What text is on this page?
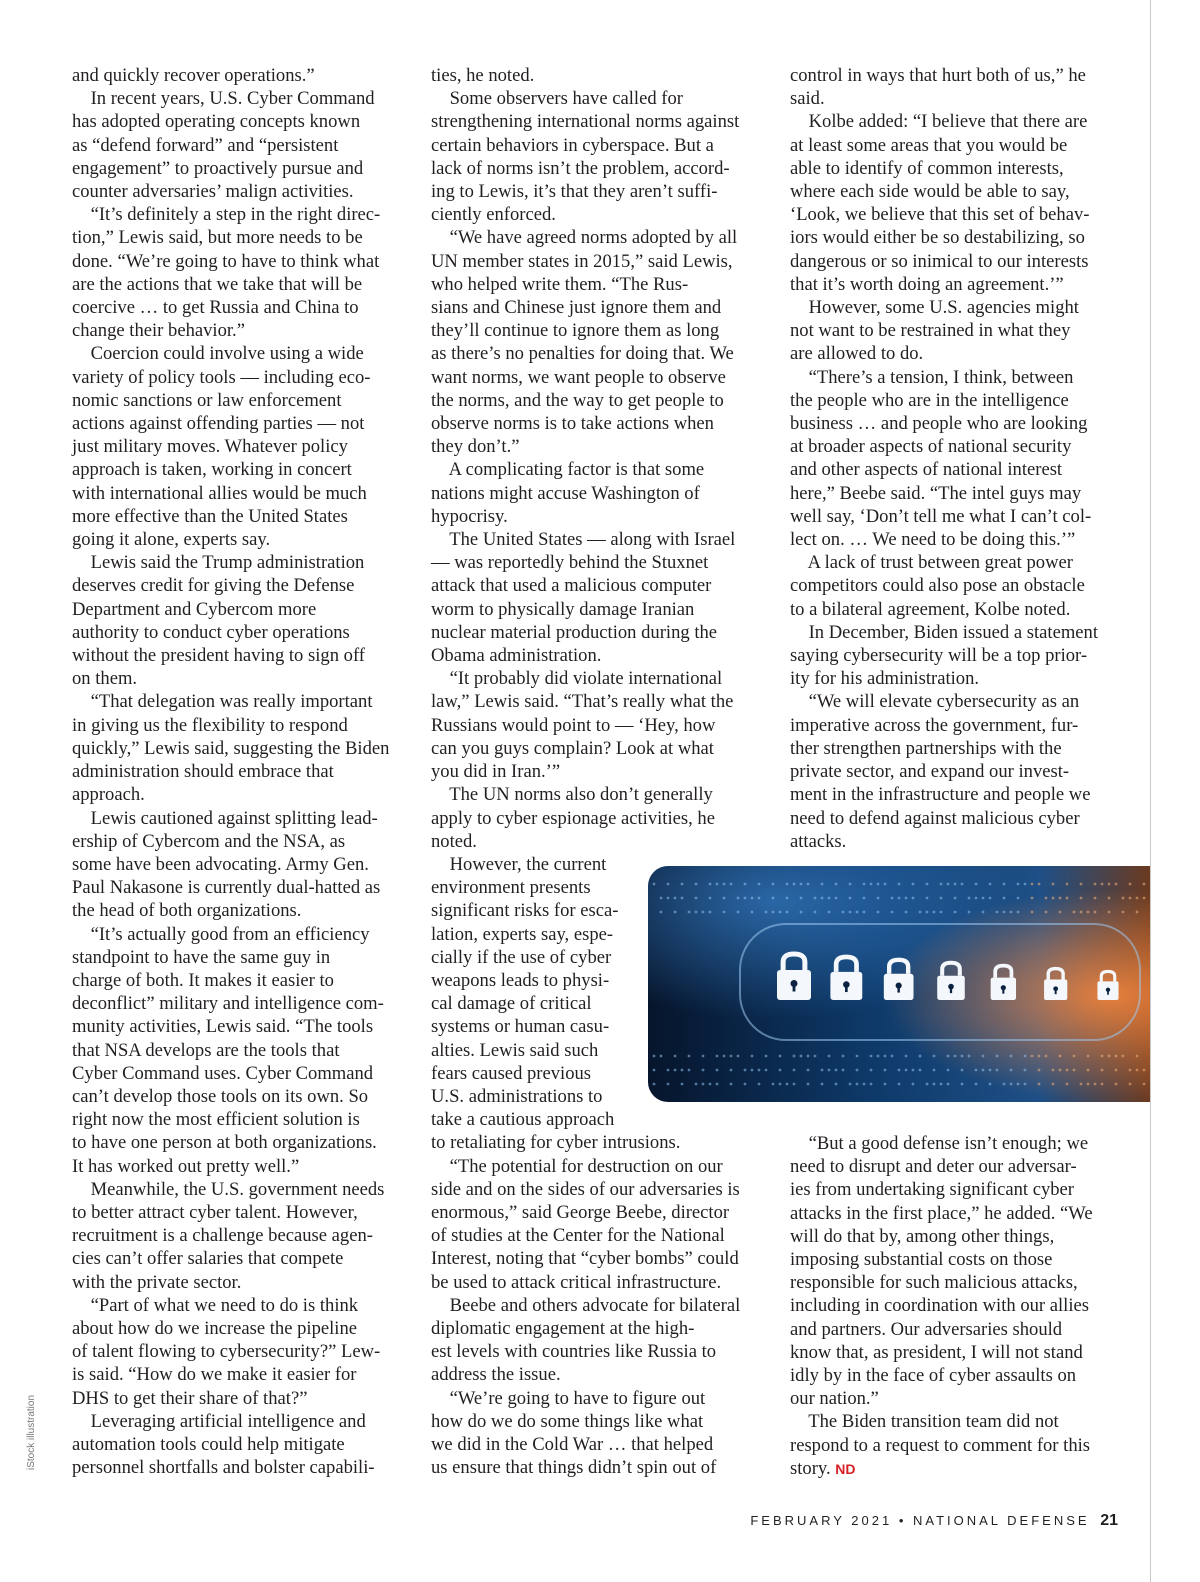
and quickly recover operations.”

In recent years, U.S. Cyber Command

has adopted operating concepts known

as “defend forward” and “persistent

engagement” to proactively pursue and

counter adversaries’ malign activities.

“It’s definitely a step in the right direc-

tion,” Lewis said, but more needs to be

done. “We’re going to have to think what

are the actions that we take that will be

coercive … to get Russia and China to

change their behavior.”

Coercion could involve using a wide

variety of policy tools — including eco-

nomic sanctions or law enforcement

actions against offending parties — not

just military moves. Whatever policy

approach is taken, working in concert

with international allies would be much

more effective than the United States

going it alone, experts say.

Lewis said the Trump administration

deserves credit for giving the Defense

Department and Cybercom more

authority to conduct cyber operations

without the president having to sign off

on them.

“That delegation was really important

in giving us the flexibility to respond

quickly,” Lewis said, suggesting the Biden

administration should embrace that

approach.

Lewis cautioned against splitting lead-

ership of Cybercom and the NSA, as

some have been advocating. Army Gen.

Paul Nakasone is currently dual-hatted as

the head of both organizations.

“It’s actually good from an efficiency

standpoint to have the same guy in

charge of both. It makes it easier to

deconflict” military and intelligence com-

munity activities, Lewis said. “The tools

that NSA develops are the tools that

Cyber Command uses. Cyber Command

can’t develop those tools on its own. So

right now the most efficient solution is

to have one person at both organizations.

It has worked out pretty well.”

Meanwhile, the U.S. government needs

to better attract cyber talent. However,

recruitment is a challenge because agen-

cies can’t offer salaries that compete

with the private sector.

“Part of what we need to do is think

about how do we increase the pipeline

of talent flowing to cybersecurity?” Lew-

is said. “How do we make it easier for

DHS to get their share of that?”

Leveraging artificial intelligence and

automation tools could help mitigate

personnel shortfalls and bolster capabili-

ties, he noted.

Some observers have called for

strengthening international norms against

certain behaviors in cyberspace. But a

lack of norms isn’t the problem, accord-

ing to Lewis, it’s that they aren’t suffi-

ciently enforced.

“We have agreed norms adopted by all

UN member states in 2015,” said Lewis,

who helped write them. “The Rus-

sians and Chinese just ignore them and

they’ll continue to ignore them as long

as there’s no penalties for doing that. We

want norms, we want people to observe

the norms, and the way to get people to

observe norms is to take actions when

they don’t.”

A complicating factor is that some

nations might accuse Washington of

hypocrisy.

The United States — along with Israel

— was reportedly behind the Stuxnet

attack that used a malicious computer

worm to physically damage Iranian

nuclear material production during the

Obama administration.

“It probably did violate international

law,” Lewis said. “That’s really what the

Russians would point to — ‘Hey, how

can you guys complain? Look at what

you did in Iran.’”

The UN norms also don’t generally

apply to cyber espionage activities, he

noted.

However, the current

environment presents

significant risks for esca-

lation, experts say, espe-

cially if the use of cyber

weapons leads to physi-

cal damage of critical

systems or human casu-

alties. Lewis said such

fears caused previous

U.S. administrations to

take a cautious approach

to retaliating for cyber intrusions.

“The potential for destruction on our

side and on the sides of our adversaries is

enormous,” said George Beebe, director

of studies at the Center for the National

Interest, noting that “cyber bombs” could

be used to attack critical infrastructure.

Beebe and others advocate for bilateral

diplomatic engagement at the high-

est levels with countries like Russia to

address the issue.

“We’re going to have to figure out

how do we do some things like what

we did in the Cold War … that helped

us ensure that things didn’t spin out of

control in ways that hurt both of us,” he

said.

Kolbe added: “I believe that there are

at least some areas that you would be

able to identify of common interests,

where each side would be able to say,

‘Look, we believe that this set of behav-

iors would either be so destabilizing, so

dangerous or so inimical to our interests

that it’s worth doing an agreement.’”

However, some U.S. agencies might

not want to be restrained in what they

are allowed to do.

“There’s a tension, I think, between

the people who are in the intelligence

business … and people who are looking

at broader aspects of national security

and other aspects of national interest

here,” Beebe said. “The intel guys may

well say, ‘Don’t tell me what I can’t col-

lect on. … We need to be doing this.’”

A lack of trust between great power

competitors could also pose an obstacle

to a bilateral agreement, Kolbe noted.

In December, Biden issued a statement

saying cybersecurity will be a top prior-

ity for his administration.

“We will elevate cybersecurity as an

imperative across the government, fur-

ther strengthen partnerships with the

private sector, and expand our invest-

ment in the infrastructure and people we

need to defend against malicious cyber

attacks.

“But a good defense isn’t enough; we

need to disrupt and deter our adversar-

ies from undertaking significant cyber

attacks in the first place,” he added. “We

will do that by, among other things,

imposing substantial costs on those

responsible for such malicious attacks,

including in coordination with our allies

and partners. Our adversaries should

know that, as president, I will not stand

idly by in the face of cyber assaults on

our nation.”

The Biden transition team did not

respond to a request to comment for this

story. ND

iStock illustration
FEBRUARY 2021 • NATIONAL DEFENSE 21
